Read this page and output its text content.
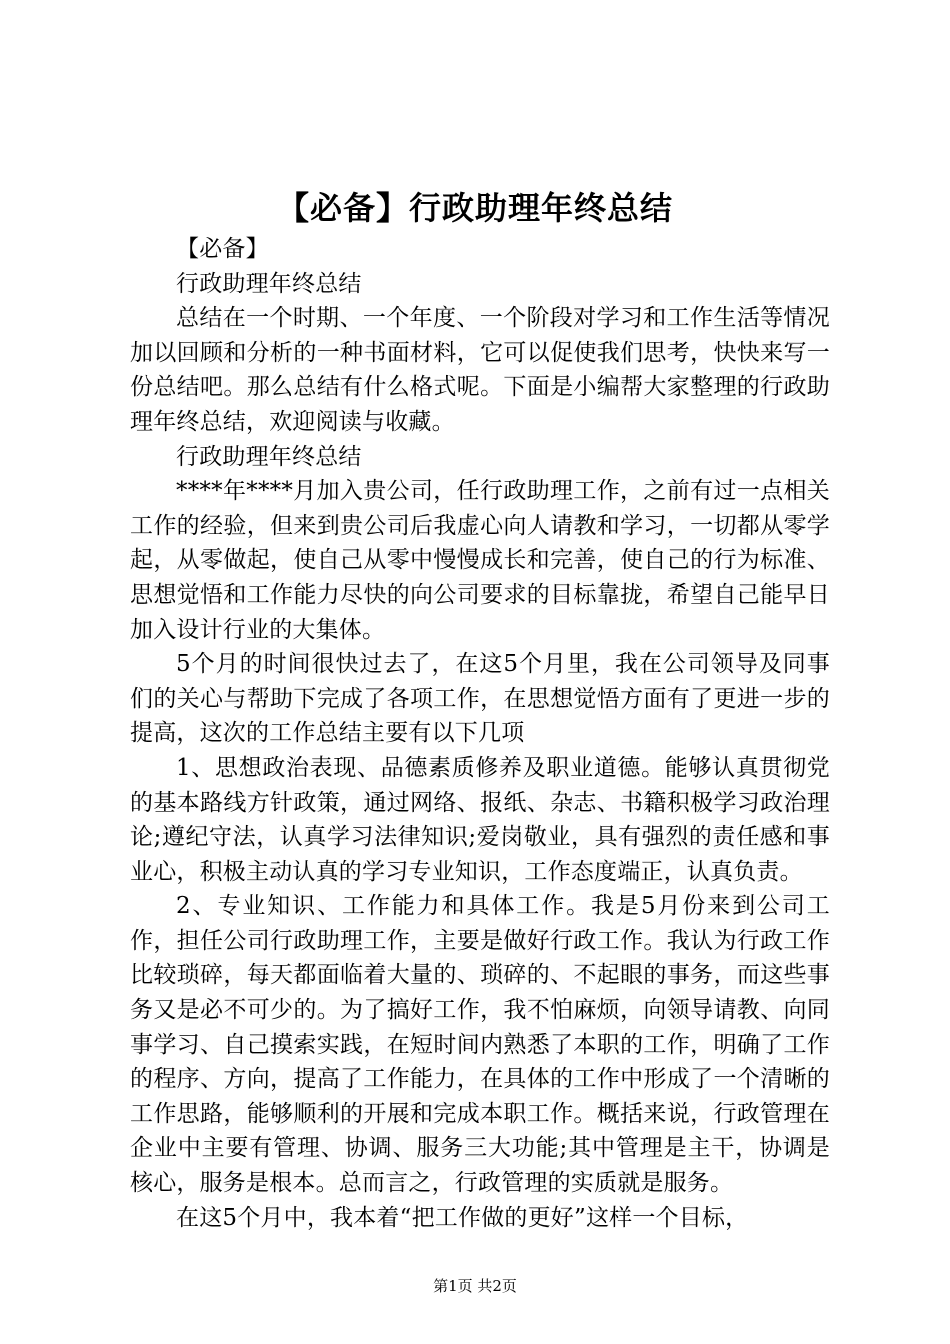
【必备】行政助理年终总结

【必备】

行政助理年终总结

总结在一个时期、一个年度、一个阶段对学习和工作生活等情况加以回顾和分析的一种书面材料，它可以促使我们思考，快快来写一份总结吧。那么总结有什么格式呢。下面是小编帮大家整理的行政助理年终总结，欢迎阅读与收藏。

行政助理年终总结

****年****月加入贵公司，任行政助理工作，之前有过一点相关工作的经验，但来到贵公司后我虚心向人请教和学习，一切都从零学起，从零做起，使自己从零中慢慢成长和完善，使自己的行为标准、思想觉悟和工作能力尽快的向公司要求的目标靠拢，希望自己能早日加入设计行业的大集体。

5个月的时间很快过去了，在这5个月里，我在公司领导及同事们的关心与帮助下完成了各项工作，在思想觉悟方面有了更进一步的提高，这次的工作总结主要有以下几项

1、思想政治表现、品德素质修养及职业道德。能够认真贯彻党的基本路线方针政策，通过网络、报纸、杂志、书籍积极学习政治理论;遵纪守法，认真学习法律知识;爱岗敬业，具有强烈的责任感和事业心，积极主动认真的学习专业知识，工作态度端正，认真负责。

2、专业知识、工作能力和具体工作。我是5月份来到公司工作，担任公司行政助理工作，主要是做好行政工作。我认为行政工作比较琐碎，每天都面临着大量的、琐碎的、不起眼的事务，而这些事务又是必不可少的。为了搞好工作，我不怕麻烦，向领导请教、向同事学习、自己摸索实践，在短时间内熟悉了本职的工作，明确了工作的程序、方向，提高了工作能力，在具体的工作中形成了一个清晰的工作思路，能够顺利的开展和完成本职工作。概括来说，行政管理在企业中主要有管理、协调、服务三大功能;其中管理是主干，协调是核心，服务是根本。总而言之，行政管理的实质就是服务。

在这5个月中，我本着“把工作做的更好”这样一个目标，

第1页 共2页
